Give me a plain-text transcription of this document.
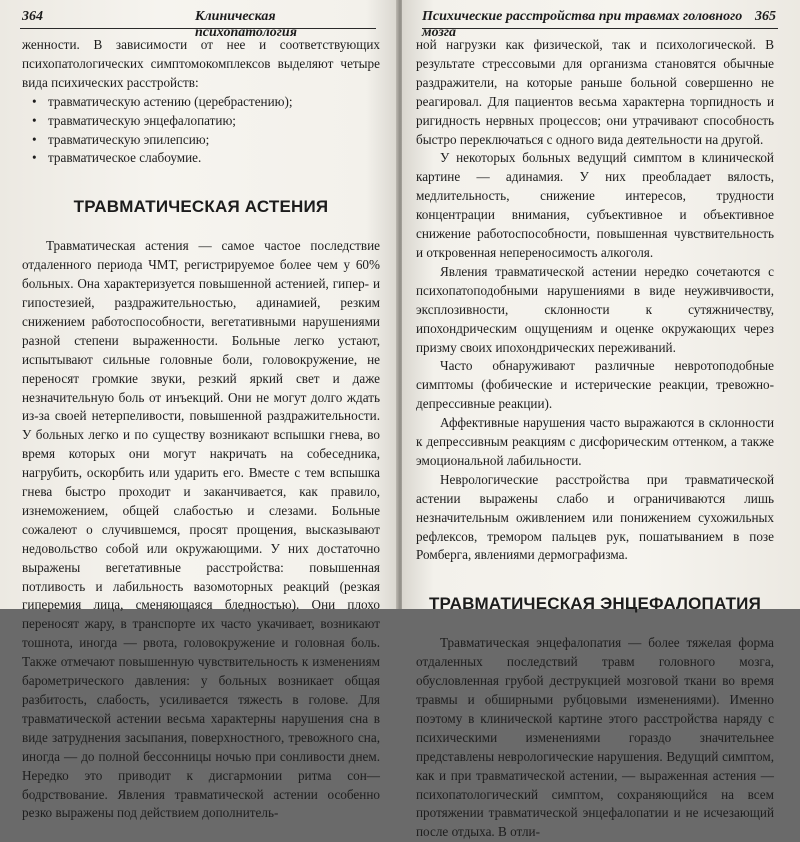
364	Клиническая психопатология

женности. В зависимости от нее и соответствующих психопатологических симптомокомплексов выделяют четыре вида психических расстройств:

• травматическую астению (церебрастению);
• травматическую энцефалопатию;
• травматическую эпилепсию;
• травматическое слабоумие.
ТРАВМАТИЧЕСКАЯ АСТЕНИЯ

Травматическая астения — самое частое последствие отдаленного периода ЧМТ, регистрируемое более чем у 60% больных. Она характеризуется повышенной астенией, гипер- и гипостезией, раздражительностью, адинамией, резким снижением работоспособности, вегетативными нарушениями разной степени выраженности. Больные легко устают, испытывают сильные головные боли, головокружение, не переносят громкие звуки, резкий яркий свет и даже незначительную боль от инъекций. Они не могут долго ждать из-за своей нетерпеливости, повышенной раздражительности. У больных легко и по существу возникают вспышки гнева, во время которых они могут накричать на собеседника, нагрубить, оскорбить или ударить его. Вместе с тем вспышка гнева быстро проходит и заканчивается, как правило, изнеможением, общей слабостью и слезами. Больные сожалеют о случившемся, просят прощения, высказывают недовольство собой или окружающими. У них достаточно выражены вегетативные расстройства: повышенная потливость и лабильность вазомоторных реакций (резкая гиперемия лица, сменяющаяся бледностью). Они плохо переносят жару, в транспорте их часто укачивает, возникают тошнота, иногда — рвота, головокружение и головная боль. Также отмечают повышенную чувствительность к изменениям барометрического давления: у больных возникает общая разбитость, слабость, усиливается тяжесть в голове. Для травматической астении весьма характерны нарушения сна в виде затруднения засыпания, поверхностного, тревожного сна, иногда — до полной бессонницы ночью при сонливости днем. Нередко это приводит к дисгармонии ритма сон—бодрствование. Явления травматической астении особенно резко выражены под действием дополнитель-

Психические расстройства при травмах головного мозга
365

ной нагрузки как физической, так и психологической. В результате стрессовыми для организма становятся обычные раздражители, на которые раньше больной совершенно не реагировал. Для пациентов весьма характерна торпидность и ригидность нервных процессов; они утрачивают способность быстро переключаться с одного вида деятельности на другой.

У некоторых больных ведущий симптом в клинической картине — адинамия. У них преобладает вялость, медлительность, снижение интересов, трудности концентрации внимания, субъективное и объективное снижение работоспособности, повышенная чувствительность и откровенная непереносимость алкоголя.

Явления травматической астении нередко сочетаются с психопатоподобными нарушениями в виде неуживчивости, эксплозивности, склонности к сутяжничеству, ипохондрическим ощущениям и оценке окружающих через призму своих ипохондрических переживаний.

Часто обнаруживают различные невротоподобные симптомы (фобические и истерические реакции, тревожно-депрессивные реакции).

Аффективные нарушения часто выражаются в склонности к депрессивным реакциям с дисфорическим оттенком, а также эмоциональной лабильности.

Неврологические расстройства при травматической астении выражены слабо и ограничиваются лишь незначительным оживлением или понижением сухожильных рефлексов, тремором пальцев рук, пошатыванием в позе Ромберга, явлениями дермографизма.

ТРАВМАТИЧЕСКАЯ ЭНЦЕФАЛОПАТИЯ

Травматическая энцефалопатия — более тяжелая форма отдаленных последствий травм головного мозга, обусловленная грубой деструкцией мозговой ткани во время травмы и обширными рубцовыми изменениями). Именно поэтому в клинической картине этого расстройства наряду с психическими изменениями гораздо значительнее представлены неврологические нарушения. Ведущий симптом, как и при травматической астении, — выраженная астения — психопатологический симптом, сохраняющийся на всем протяжении травматической энцефалопатии и не исчезающий после отдыха. В отли-
